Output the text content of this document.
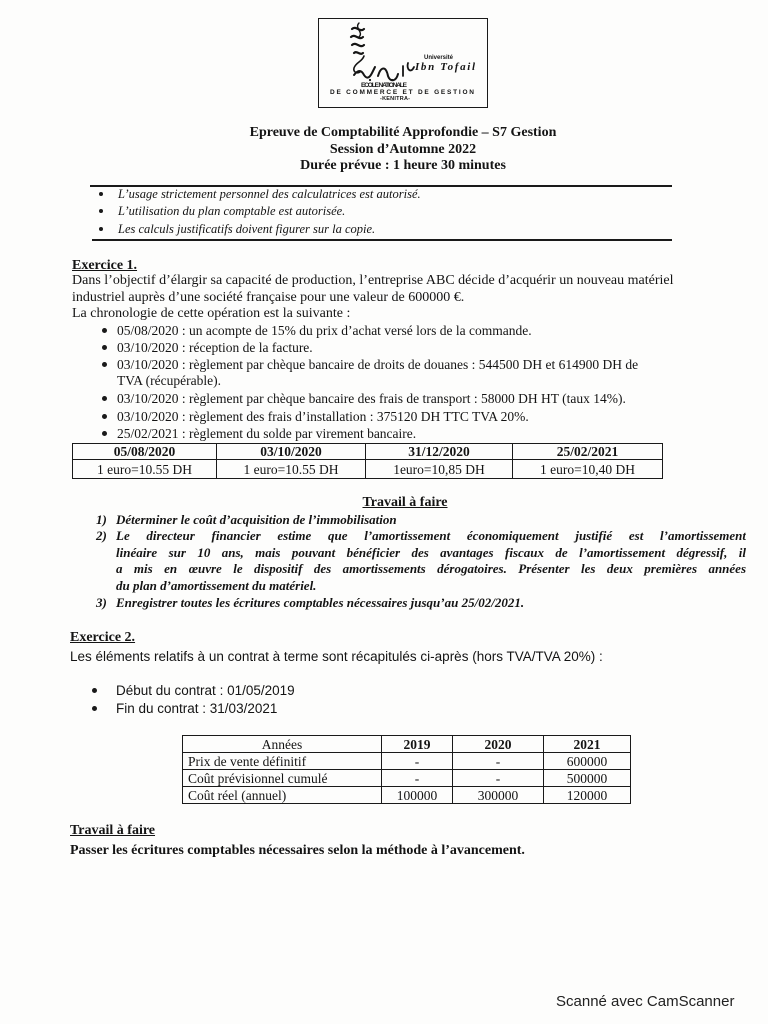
Université
Ibn Tofail
ECOLE NATIONALE
DE COMMERCE ET DE GESTION
-KENITRA-
Epreuve de Comptabilité Approfondie – S7 Gestion
Session d’Automne 2022
Durée prévue : 1 heure 30 minutes
L’usage strictement personnel des calculatrices est autorisé.
L’utilisation du plan comptable est autorisée.
Les calculs justificatifs doivent figurer sur la copie.
Exercice 1.
Dans l’objectif d’élargir sa capacité de production, l’entreprise ABC décide d’acquérir un nouveau matériel
industriel auprès d’une société française pour une valeur de 600000 €.
La chronologie de cette opération est la suivante :
05/08/2020 : un acompte de 15% du prix d’achat versé lors de la commande.
03/10/2020 : réception de la facture.
03/10/2020 : règlement par chèque bancaire de droits de douanes : 544500 DH et 614900 DH de
TVA (récupérable).
03/10/2020 : règlement par chèque bancaire des frais de transport : 58000 DH HT (taux 14%).
03/10/2020 : règlement des frais d’installation : 375120 DH TTC TVA 20%.
25/02/2021 : règlement du solde par virement bancaire.
05/08/2020	03/10/2020	31/12/2020	25/02/2021
1 euro=10.55 DH	1 euro=10.55 DH	1euro=10,85 DH	1 euro=10,40 DH
Travail à faire
1) Déterminer le coût d’acquisition de l’immobilisation
2) Le directeur financier estime que l’amortissement économiquement justifié est l’amortissement
linéaire sur 10 ans, mais pouvant bénéficier des avantages fiscaux de l’amortissement dégressif, il
a mis en œuvre le dispositif des amortissements dérogatoires. Présenter les deux premières années
du plan d’amortissement du matériel.
3) Enregistrer toutes les écritures comptables nécessaires jusqu’au 25/02/2021.
Exercice 2.
Les éléments relatifs à un contrat à terme sont récapitulés ci-après (hors TVA/TVA 20%) :
Début du contrat : 01/05/2019
Fin du contrat : 31/03/2021
Années	2019	2020	2021
Prix de vente définitif	-	-	600000
Coût prévisionnel cumulé	-	-	500000
Coût réel (annuel)	100000	300000	120000
Travail à faire
Passer les écritures comptables nécessaires selon la méthode à l’avancement.
Scanné avec CamScanner
